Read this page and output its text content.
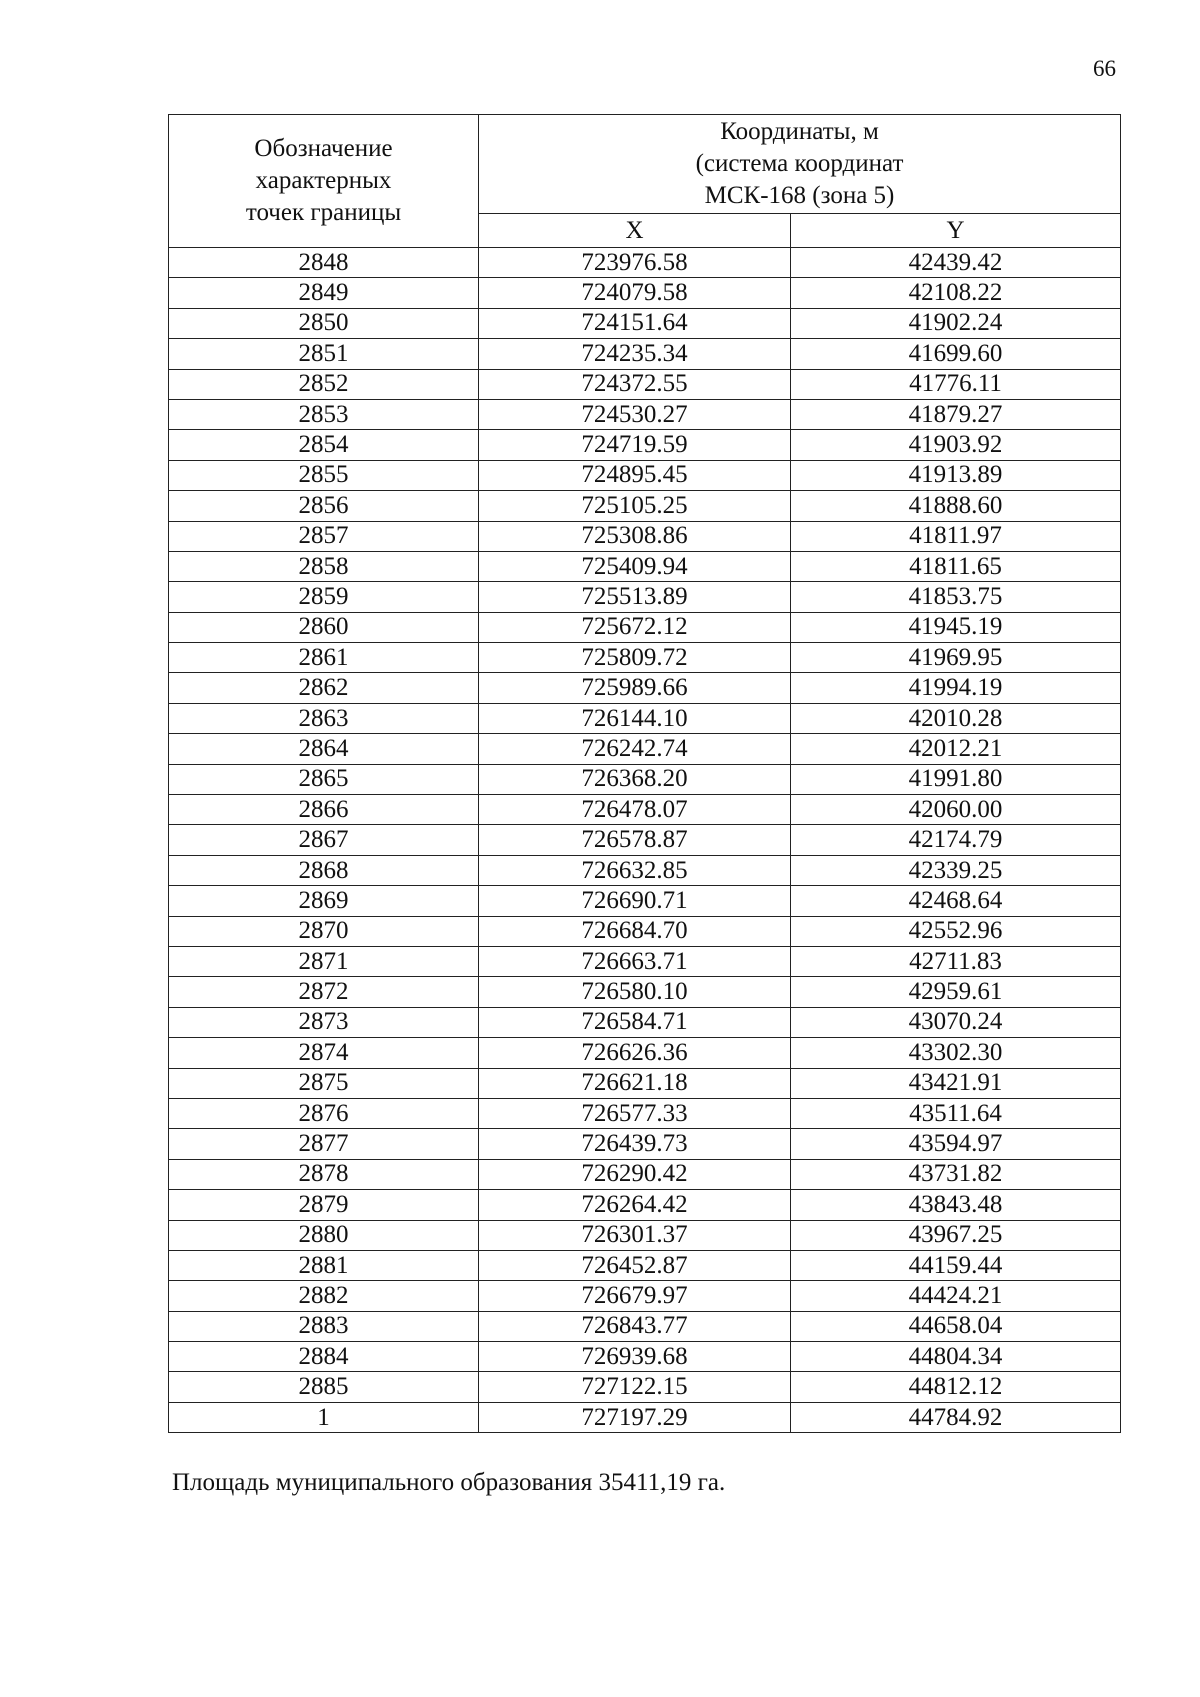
66
Обозначение
характерных
точек границы	Координаты, м
(система координат
МСК-168 (зона 5)	

	X	Y
2848	723976.58	42439.42
2849	724079.58	42108.22
2850	724151.64	41902.24
2851	724235.34	41699.60
2852	724372.55	41776.11
2853	724530.27	41879.27
2854	724719.59	41903.92
2855	724895.45	41913.89
2856	725105.25	41888.60
2857	725308.86	41811.97
2858	725409.94	41811.65
2859	725513.89	41853.75
2860	725672.12	41945.19
2861	725809.72	41969.95
2862	725989.66	41994.19
2863	726144.10	42010.28
2864	726242.74	42012.21
2865	726368.20	41991.80
2866	726478.07	42060.00
2867	726578.87	42174.79
2868	726632.85	42339.25
2869	726690.71	42468.64
2870	726684.70	42552.96
2871	726663.71	42711.83
2872	726580.10	42959.61
2873	726584.71	43070.24
2874	726626.36	43302.30
2875	726621.18	43421.91
2876	726577.33	43511.64
2877	726439.73	43594.97
2878	726290.42	43731.82
2879	726264.42	43843.48
2880	726301.37	43967.25
2881	726452.87	44159.44
2882	726679.97	44424.21
2883	726843.77	44658.04
2884	726939.68	44804.34
2885	727122.15	44812.12
1	727197.29	44784.92
Площадь муниципального образования 35411,19 га.
